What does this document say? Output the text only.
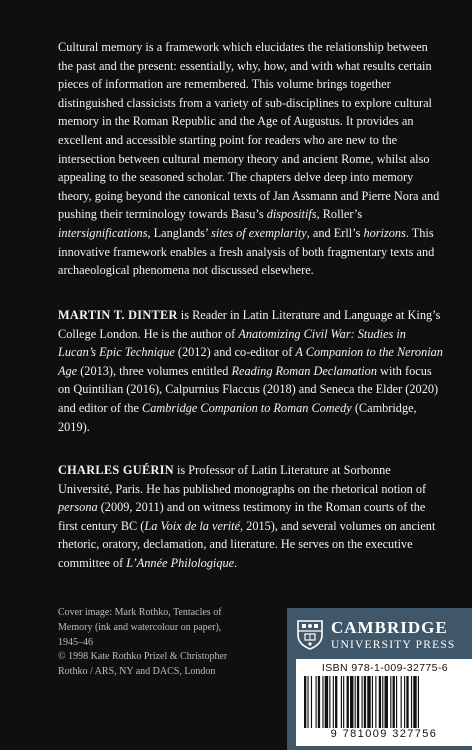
Cultural memory is a framework which elucidates the relationship between the past and the present: essentially, why, how, and with what results certain pieces of information are remembered. This volume brings together distinguished classicists from a variety of sub-disciplines to explore cultural memory in the Roman Republic and the Age of Augustus. It provides an excellent and accessible starting point for readers who are new to the intersection between cultural memory theory and ancient Rome, whilst also appealing to the seasoned scholar. The chapters delve deep into memory theory, going beyond the canonical texts of Jan Assmann and Pierre Nora and pushing their terminology towards Basu’s dispositifs, Roller’s intersignifications, Langlands’ sites of exemplarity, and Erll’s horizons. This innovative framework enables a fresh analysis of both fragmentary texts and archaeological phenomena not discussed elsewhere.

MARTIN T. DINTER is Reader in Latin Literature and Language at King’s College London. He is the author of Anatomizing Civil War: Studies in Lucan’s Epic Technique (2012) and co-editor of A Companion to the Neronian Age (2013), three volumes entitled Reading Roman Declamation with focus on Quintilian (2016), Calpurnius Flaccus (2018) and Seneca the Elder (2020) and editor of the Cambridge Companion to Roman Comedy (Cambridge, 2019).

CHARLES GUÉRIN is Professor of Latin Literature at Sorbonne Université, Paris. He has published monographs on the rhetorical notion of persona (2009, 2011) and on witness testimony in the Roman courts of the first century BC (La Voix de la verité, 2015), and several volumes on ancient rhetoric, oratory, declamation, and literature. He serves on the executive committee of L’Année Philologique.

Cover image: Mark Rothko, Tentacles of Memory (ink and watercolour on paper), 1945–46
© 1998 Kate Rothko Prizel & Christopher Rothko / ARS, NY and DACS, London
CAMBRIDGE
UNIVERSITY PRESS
ISBN 978-1-009-32775-6
9 781009 327756
